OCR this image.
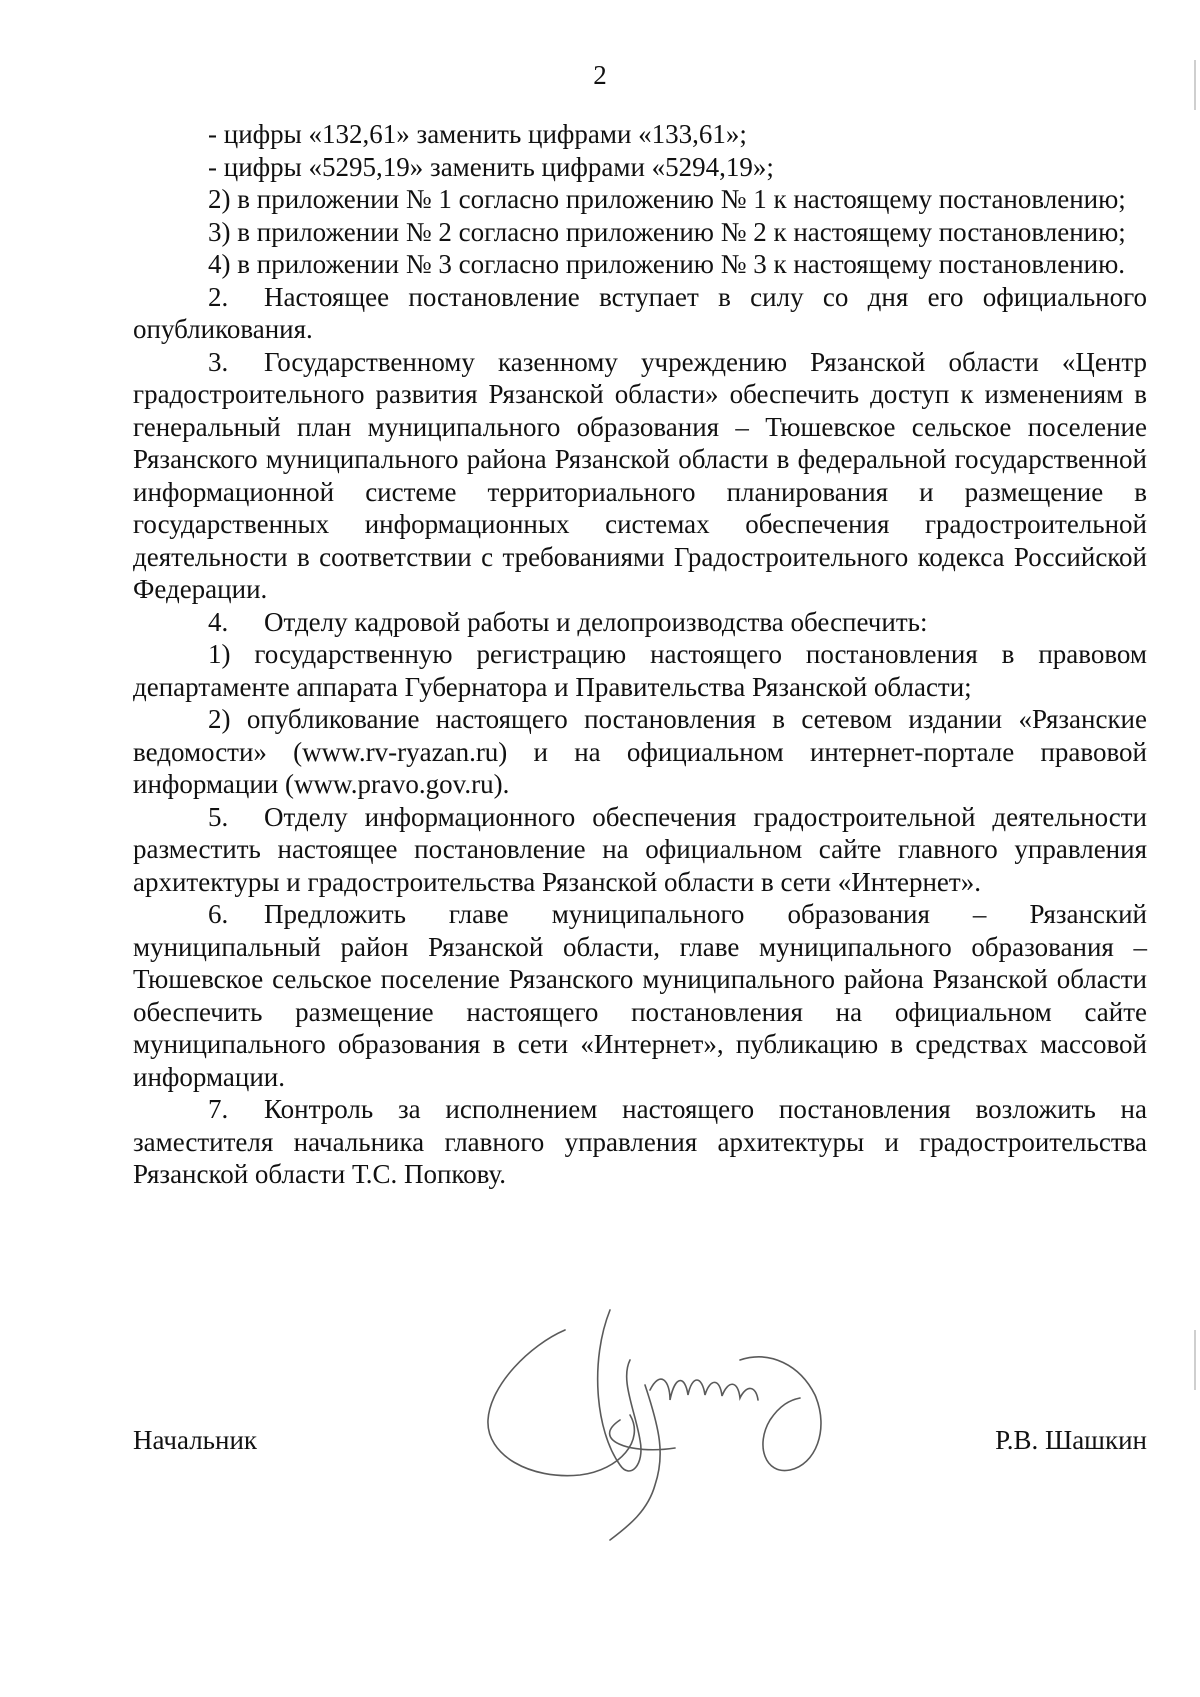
2

- цифры «132,61» заменить цифрами «133,61»;

- цифры «5295,19» заменить цифрами «5294,19»;

2) в приложении № 1 согласно приложению № 1 к настоящему постановлению;

3) в приложении № 2 согласно приложению № 2 к настоящему постановлению;

4) в приложении № 3 согласно приложению № 3 к настоящему постановлению.

2. Настоящее постановление вступает в силу со дня его официального опубликования.

3. Государственному казенному учреждению Рязанской области «Центр градостроительного развития Рязанской области» обеспечить доступ к изменениям в генеральный план муниципального образования – Тюшевское сельское поселение Рязанского муниципального района Рязанской области в федеральной государственной информационной системе территориального планирования и размещение в государственных информационных системах обеспечения градостроительной деятельности в соответствии с требованиями Градостроительного кодекса Российской Федерации.

4. Отделу кадровой работы и делопроизводства обеспечить:

1) государственную регистрацию настоящего постановления в правовом департаменте аппарата Губернатора и Правительства Рязанской области;

2) опубликование настоящего постановления в сетевом издании «Рязанские ведомости» (www.rv-ryazan.ru) и на официальном интернет-портале правовой информации (www.pravo.gov.ru).

5. Отделу информационного обеспечения градостроительной деятельности разместить настоящее постановление на официальном сайте главного управления архитектуры и градостроительства Рязанской области в сети «Интернет».

6. Предложить главе муниципального образования – Рязанский муниципальный район Рязанской области, главе муниципального образования – Тюшевское сельское поселение Рязанского муниципального района Рязанской области обеспечить размещение настоящего постановления на официальном сайте муниципального образования в сети «Интернет», публикацию в средствах массовой информации.

7. Контроль за исполнением настоящего постановления возложить на заместителя начальника главного управления архитектуры и градостроительства Рязанской области Т.С. Попкову.

Начальник	Р.В. Шашкин
